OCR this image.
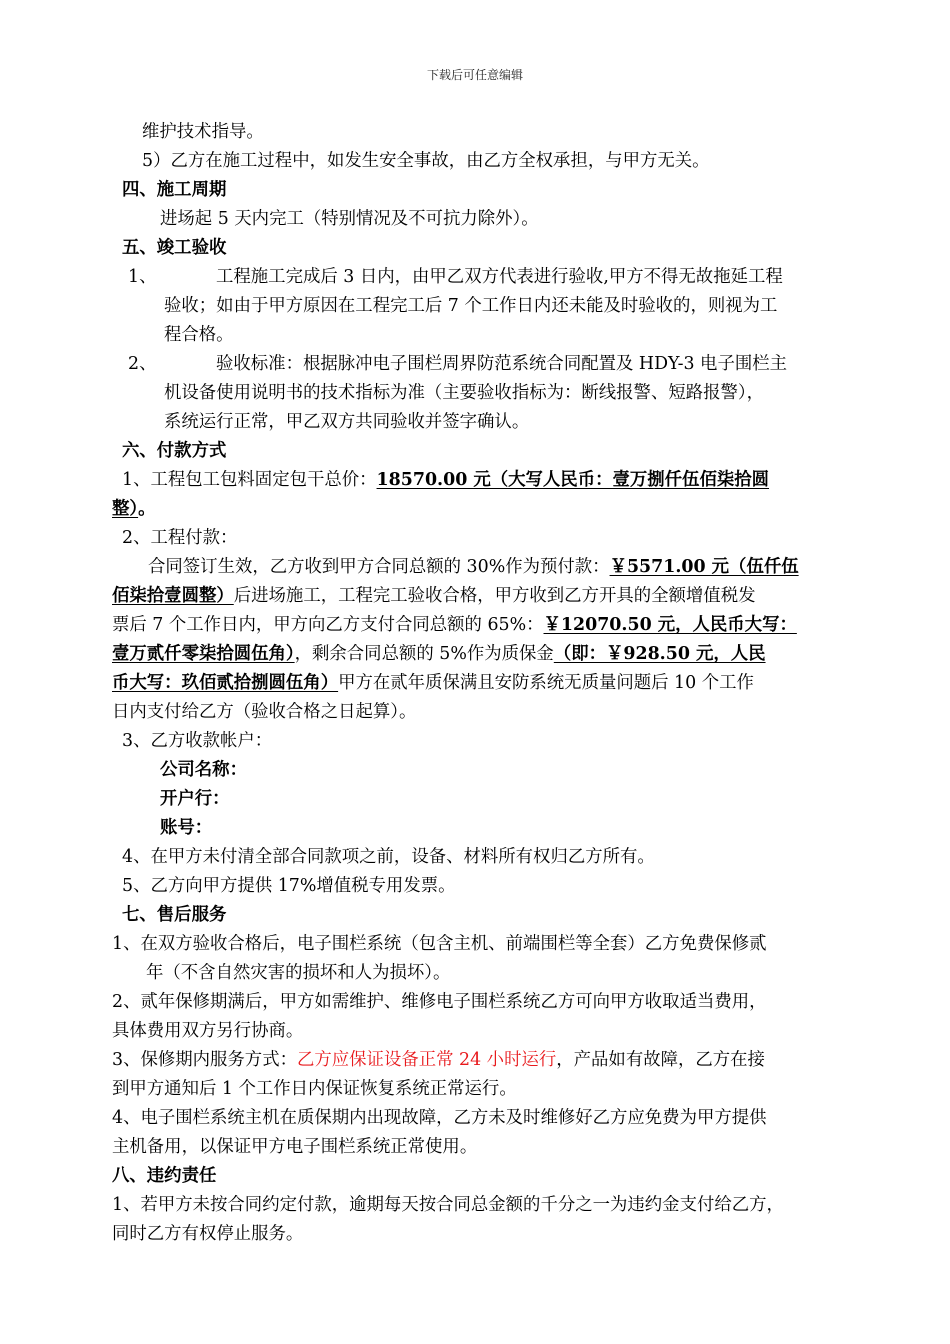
下载后可任意编辑
维护技术指导。
5）乙方在施工过程中，如发生安全事故，由乙方全权承担，与甲方无关。
四、施工周期
进场起 5 天内完工（特别情况及不可抗力除外）。
五、竣工验收
1、	工程施工完成后 3 日内，由甲乙双方代表进行验收,甲方不得无故拖延工程
验收；如由于甲方原因在工程完工后 7 个工作日内还未能及时验收的，则视为工
程合格。
2、	验收标准：根据脉冲电子围栏周界防范系统合同配置及 HDY-3 电子围栏主
机设备使用说明书的技术指标为准（主要验收指标为：断线报警、短路报警），
系统运行正常，甲乙双方共同验收并签字确认。
六、付款方式
1、工程包工包料固定包干总价：18570.00 元（大写人民币：壹万捌仟伍佰柒拾圆
整）。
2、工程付款：
合同签订生效，乙方收到甲方合同总额的 30%作为预付款：￥5571.00 元（伍仟伍
佰柒拾壹圆整）后进场施工，工程完工验收合格，甲方收到乙方开具的全额增值税发
票后 7 个工作日内，甲方向乙方支付合同总额的 65%：￥12070.50 元，人民币大写：
壹万贰仟零柒拾圆伍角），剩余合同总额的 5%作为质保金（即：￥928.50 元，人民
币大写：玖佰贰拾捌圆伍角）甲方在贰年质保满且安防系统无质量问题后 10 个工作
日内支付给乙方（验收合格之日起算）。
3、乙方收款帐户：
公司名称：
开户行：
账号：
4、在甲方未付清全部合同款项之前，设备、材料所有权归乙方所有。
5、乙方向甲方提供 17%增值税专用发票。
七、售后服务
1、在双方验收合格后，电子围栏系统（包含主机、前端围栏等全套）乙方免费保修贰
年（不含自然灾害的损坏和人为损坏）。
2、贰年保修期满后，甲方如需维护、维修电子围栏系统乙方可向甲方收取适当费用，
具体费用双方另行协商。
3、保修期内服务方式：乙方应保证设备正常 24 小时运行，产品如有故障，乙方在接
到甲方通知后 1 个工作日内保证恢复系统正常运行。
4、电子围栏系统主机在质保期内出现故障，乙方未及时维修好乙方应免费为甲方提供
主机备用，以保证甲方电子围栏系统正常使用。
八、违约责任
1、若甲方未按合同约定付款，逾期每天按合同总金额的千分之一为违约金支付给乙方，
同时乙方有权停止服务。
